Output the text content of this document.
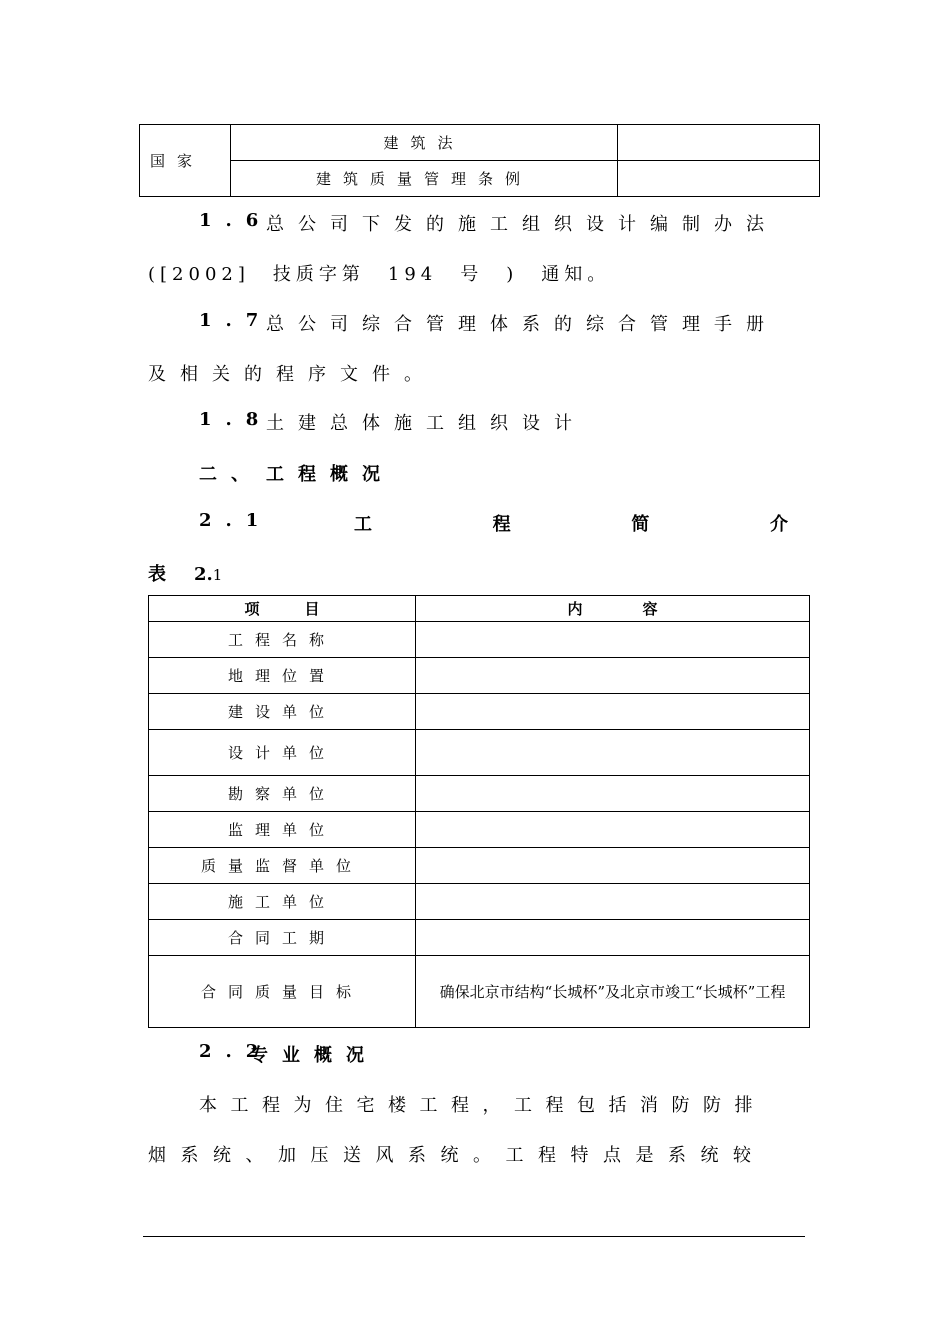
国家	建筑法	
	建筑质量管理条例	
1.6
总公司下发的施工组织设计编制办法
([2002]　技质字第　194　号　)　通知。
1.7
总公司综合管理体系的综合管理手册
及相关的程序文件。
1.8
土建总体施工组织设计
二、 工程概况
2.1	工	程	简	介
表 2.1
项　　　目	内　　　　容
工程名称	
地理位置	
建设单位	
设计单位	
勘察单位	
监理单位	
质量监督单位	
施工单位	
合同工期	
合同质量目标	确保北京市结构“长城杯”及北京市竣工“长城杯”工程
2.2
专业概况
本工程为住宅楼工程，工程包括消防防排
烟系统、加压送风系统。工程特点是系统较
